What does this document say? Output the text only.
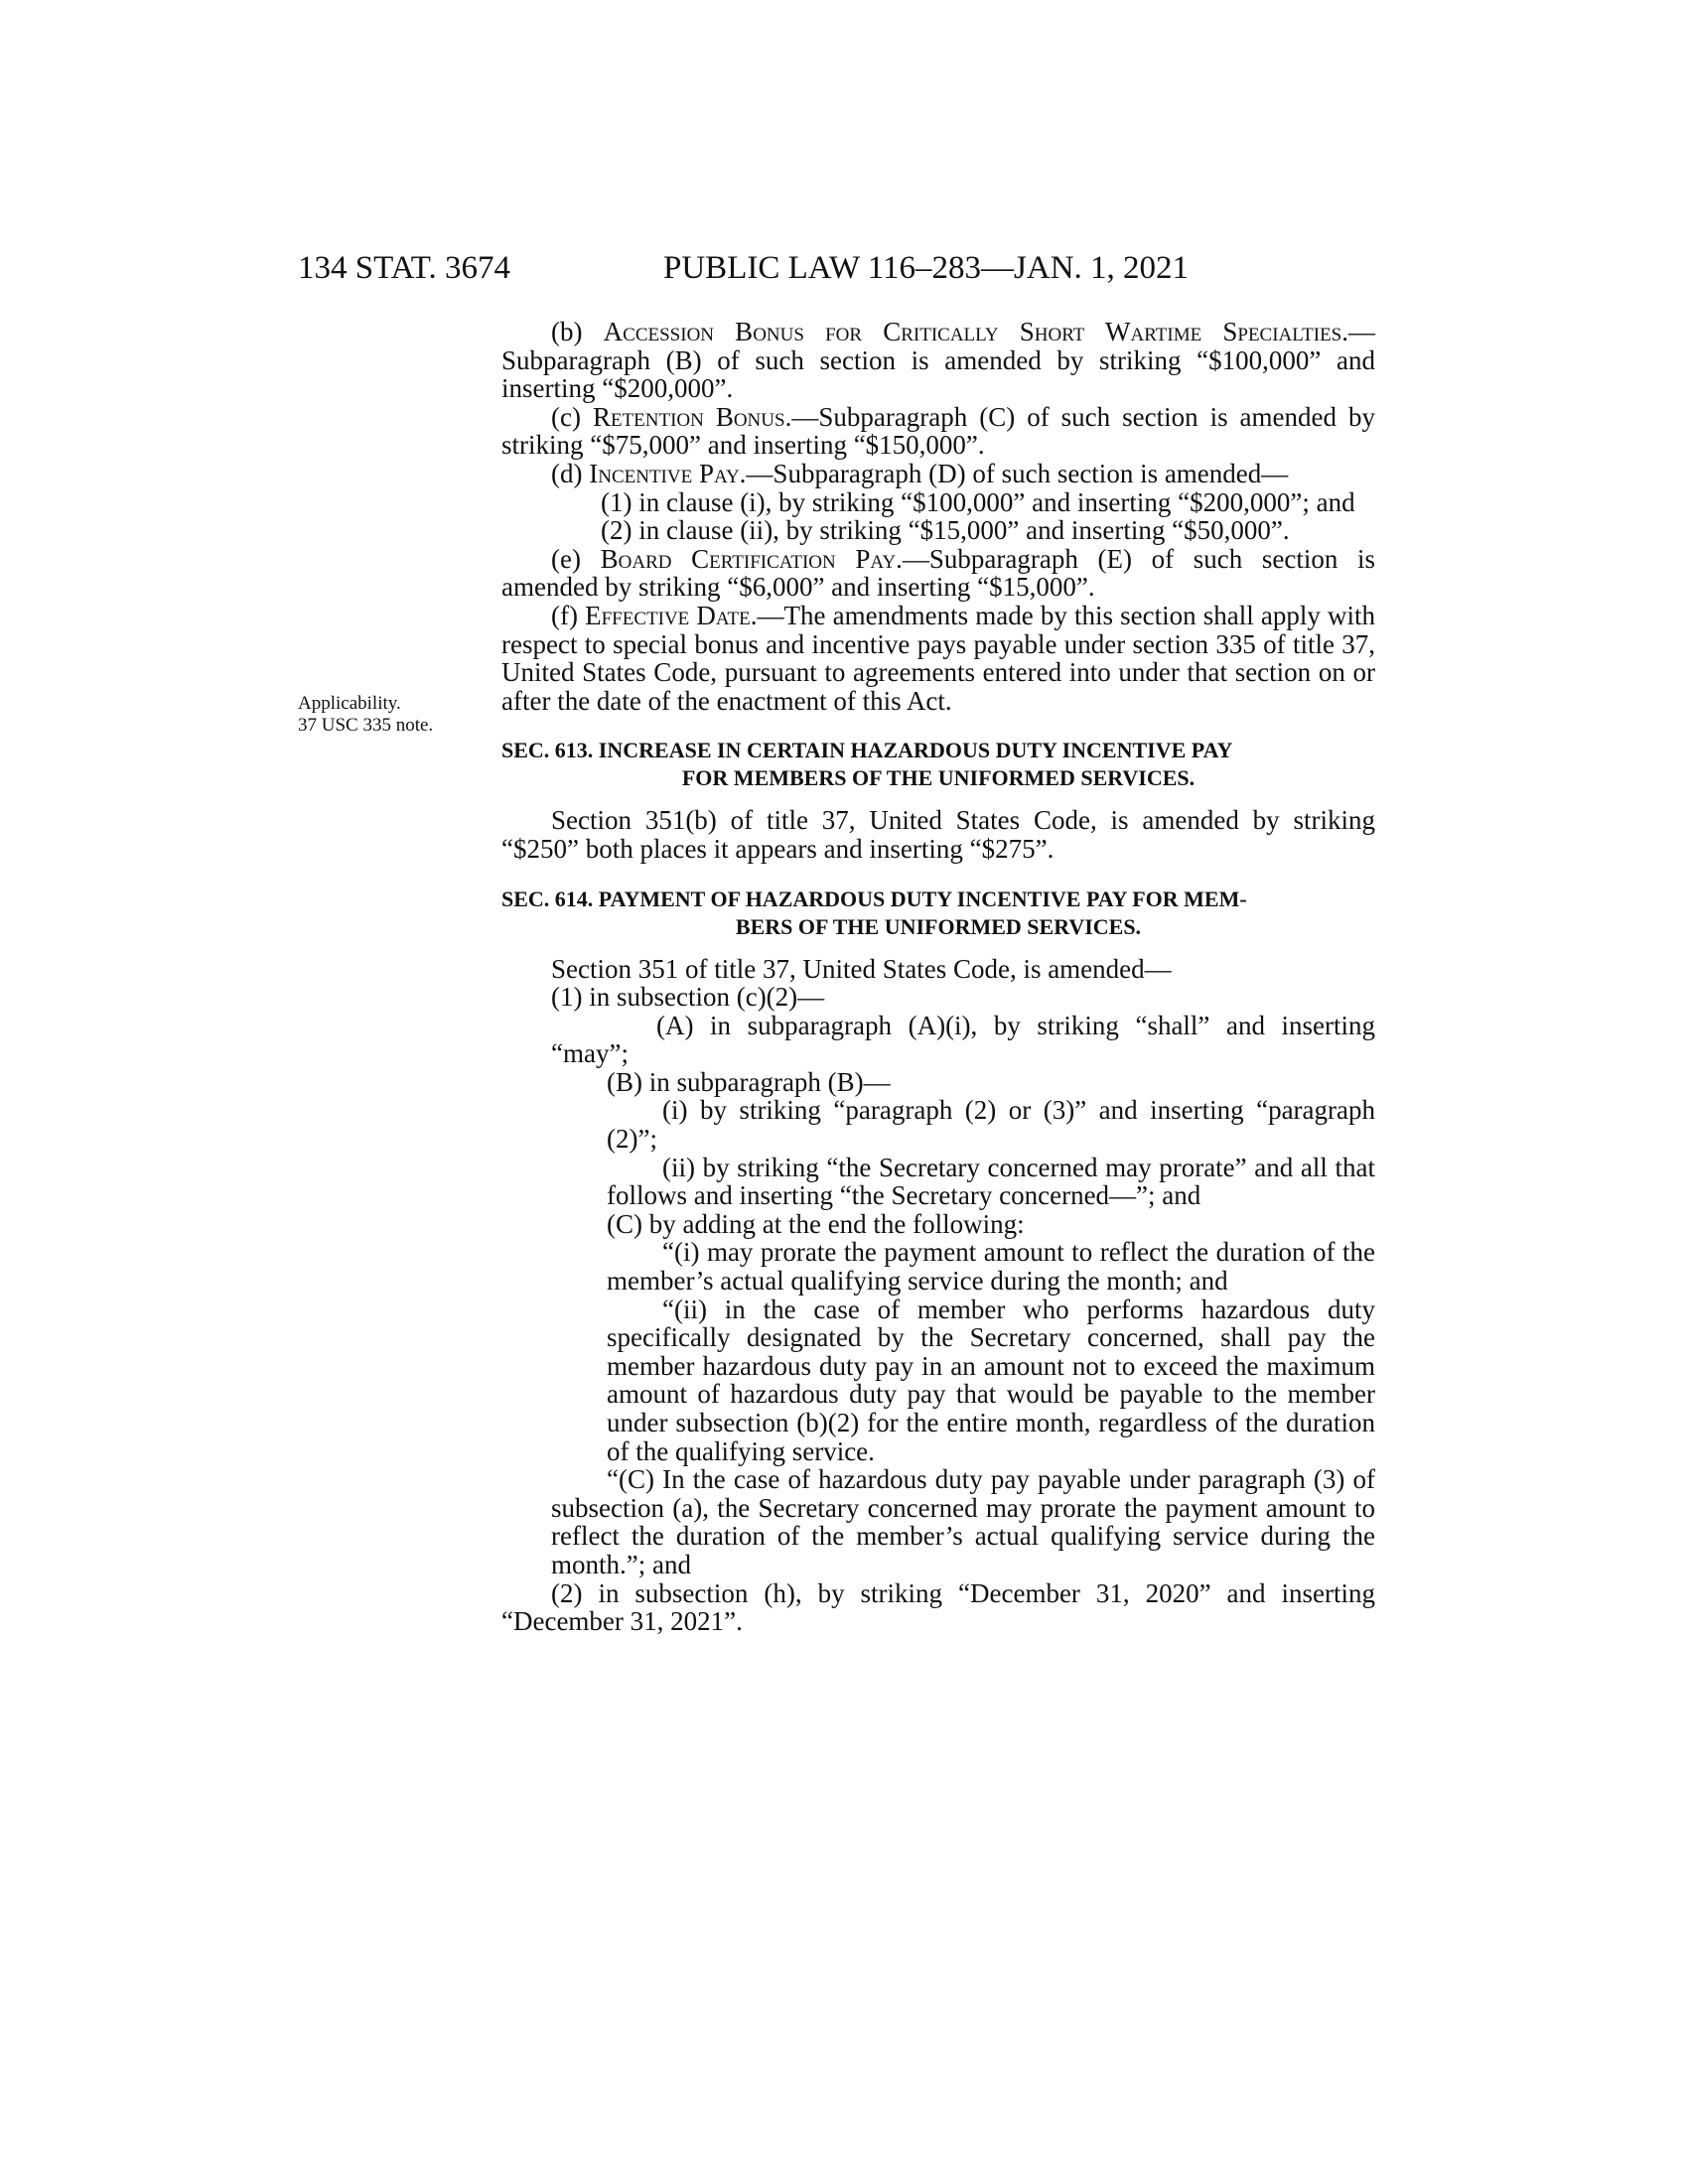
134 STAT. 3674	PUBLIC LAW 116–283—JAN. 1, 2021
Applicability.
37 USC 335 note.

(b) Accession Bonus for Critically Short Wartime Specialties.—Subparagraph (B) of such section is amended by striking “$100,000” and inserting “$200,000”.

(c) Retention Bonus.—Subparagraph (C) of such section is amended by striking “$75,000” and inserting “$150,000”.

(d) Incentive Pay.—Subparagraph (D) of such section is amended—

(1) in clause (i), by striking “$100,000” and inserting “$200,000”; and

(2) in clause (ii), by striking “$15,000” and inserting “$50,000”.

(e) Board Certification Pay.—Subparagraph (E) of such section is amended by striking “$6,000” and inserting “$15,000”.

(f) Effective Date.—The amendments made by this section shall apply with respect to special bonus and incentive pays payable under section 335 of title 37, United States Code, pursuant to agreements entered into under that section on or after the date of the enactment of this Act.

SEC. 613. INCREASE IN CERTAIN HAZARDOUS DUTY INCENTIVE PAY
FOR MEMBERS OF THE UNIFORMED SERVICES.

Section 351(b) of title 37, United States Code, is amended by striking “$250” both places it appears and inserting “$275”.

SEC. 614. PAYMENT OF HAZARDOUS DUTY INCENTIVE PAY FOR MEM-
BERS OF THE UNIFORMED SERVICES.

Section 351 of title 37, United States Code, is amended—

(1) in subsection (c)(2)—

(A) in subparagraph (A)(i), by striking “shall” and inserting “may”;

(B) in subparagraph (B)—

(i) by striking “paragraph (2) or (3)” and inserting “paragraph (2)”;

(ii) by striking “the Secretary concerned may prorate” and all that follows and inserting “the Secretary concerned—”; and

(C) by adding at the end the following:

“(i) may prorate the payment amount to reflect the duration of the member’s actual qualifying service during the month; and

“(ii) in the case of member who performs hazardous duty specifically designated by the Secretary concerned, shall pay the member hazardous duty pay in an amount not to exceed the maximum amount of hazardous duty pay that would be payable to the member under subsection (b)(2) for the entire month, regardless of the duration of the qualifying service.

“(C) In the case of hazardous duty pay payable under paragraph (3) of subsection (a), the Secretary concerned may prorate the payment amount to reflect the duration of the member’s actual qualifying service during the month.”; and

(2) in subsection (h), by striking “December 31, 2020” and inserting “December 31, 2021”.
